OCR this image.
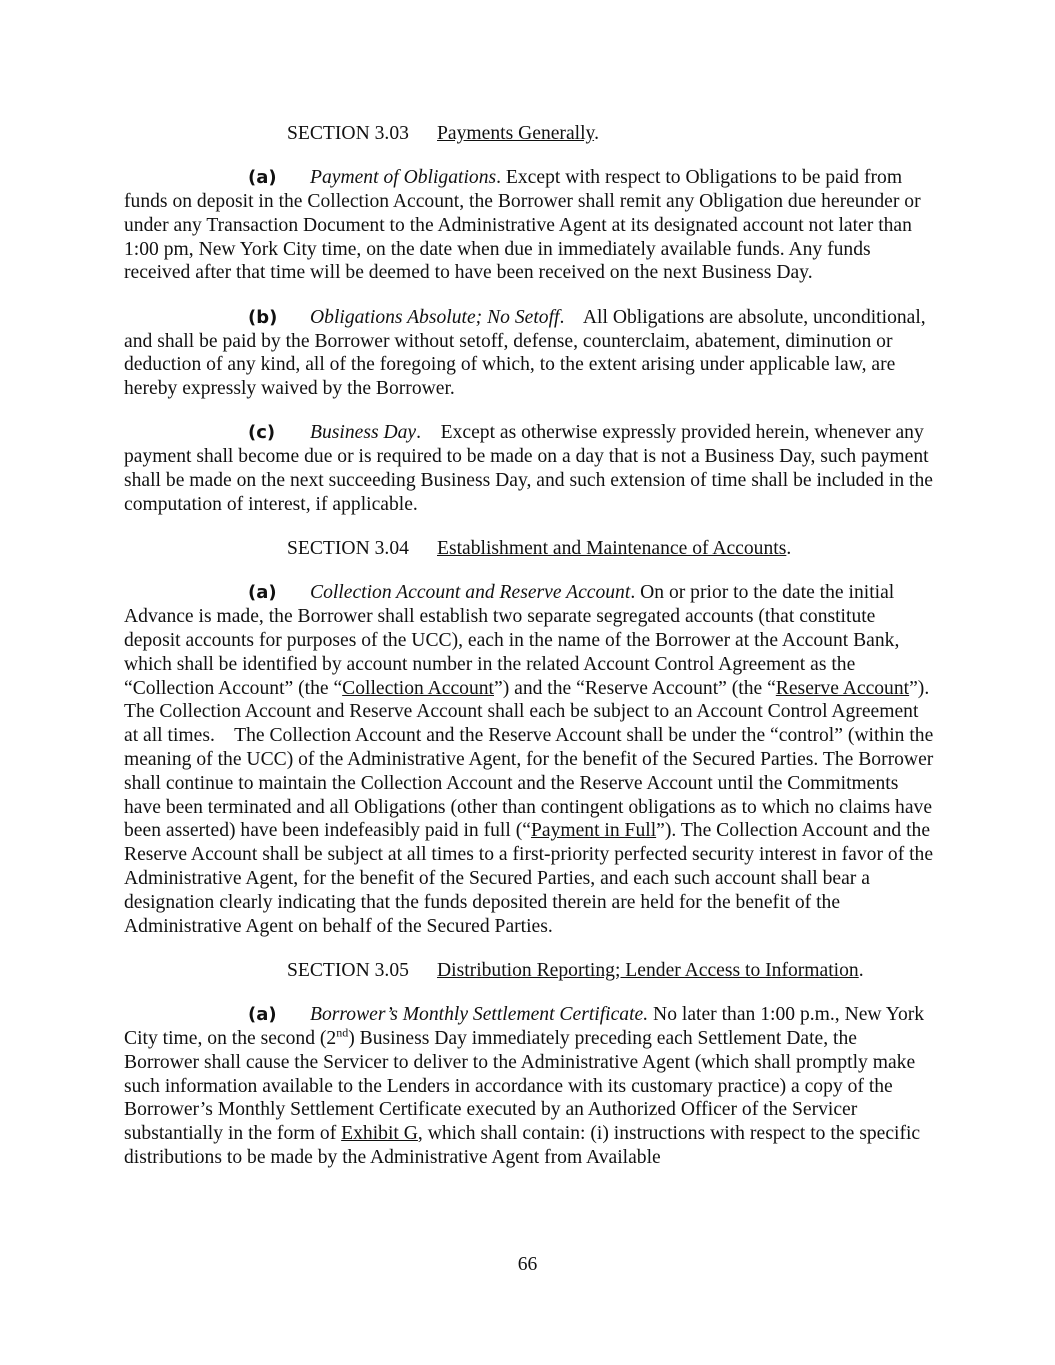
SECTION 3.03 Payments Generally.

(a) Payment of Obligations. Except with respect to Obligations to be paid from funds on deposit in the Collection Account, the Borrower shall remit any Obligation due hereunder or under any Transaction Document to the Administrative Agent at its designated account not later than 1:00 pm, New York City time, on the date when due in immediately available funds. Any funds received after that time will be deemed to have been received on the next Business Day.

(b) Obligations Absolute; No Setoff.    All Obligations are absolute, unconditional, and shall be paid by the Borrower without setoff, defense, counterclaim, abatement, diminution or deduction of any kind, all of the foregoing of which, to the extent arising under applicable law, are hereby expressly waived by the Borrower.

(c) Business Day.    Except as otherwise expressly provided herein, whenever any payment shall become due or is required to be made on a day that is not a Business Day, such payment shall be made on the next succeeding Business Day, and such extension of time shall be included in the computation of interest, if applicable.

SECTION 3.04 Establishment and Maintenance of Accounts.

(a) Collection Account and Reserve Account. On or prior to the date the initial Advance is made, the Borrower shall establish two separate segregated accounts (that constitute deposit accounts for purposes of the UCC), each in the name of the Borrower at the Account Bank, which shall be identified by account number in the related Account Control Agreement as the “Collection Account” (the “Collection Account”) and the “Reserve Account” (the “Reserve Account”).    The Collection Account and Reserve Account shall each be subject to an Account Control Agreement at all times.    The Collection Account and the Reserve Account shall be under the “control” (within the meaning of the UCC) of the Administrative Agent, for the benefit of the Secured Parties. The Borrower shall continue to maintain the Collection Account and the Reserve Account until the Commitments have been terminated and all Obligations (other than contingent obligations as to which no claims have been asserted) have been indefeasibly paid in full (“Payment in Full”). The Collection Account and the Reserve Account shall be subject at all times to a first-priority perfected security interest in favor of the Administrative Agent, for the benefit of the Secured Parties, and each such account shall bear a designation clearly indicating that the funds deposited therein are held for the benefit of the Administrative Agent on behalf of the Secured Parties.

SECTION 3.05 Distribution Reporting; Lender Access to Information.

(a) Borrower’s Monthly Settlement Certificate. No later than 1:00 p.m., New York City time, on the second (2nd) Business Day immediately preceding each Settlement Date, the Borrower shall cause the Servicer to deliver to the Administrative Agent (which shall promptly make such information available to the Lenders in accordance with its customary practice) a copy of the Borrower’s Monthly Settlement Certificate executed by an Authorized Officer of the Servicer substantially in the form of Exhibit G, which shall contain: (i) instructions with respect to the specific distributions to be made by the Administrative Agent from Available

66
